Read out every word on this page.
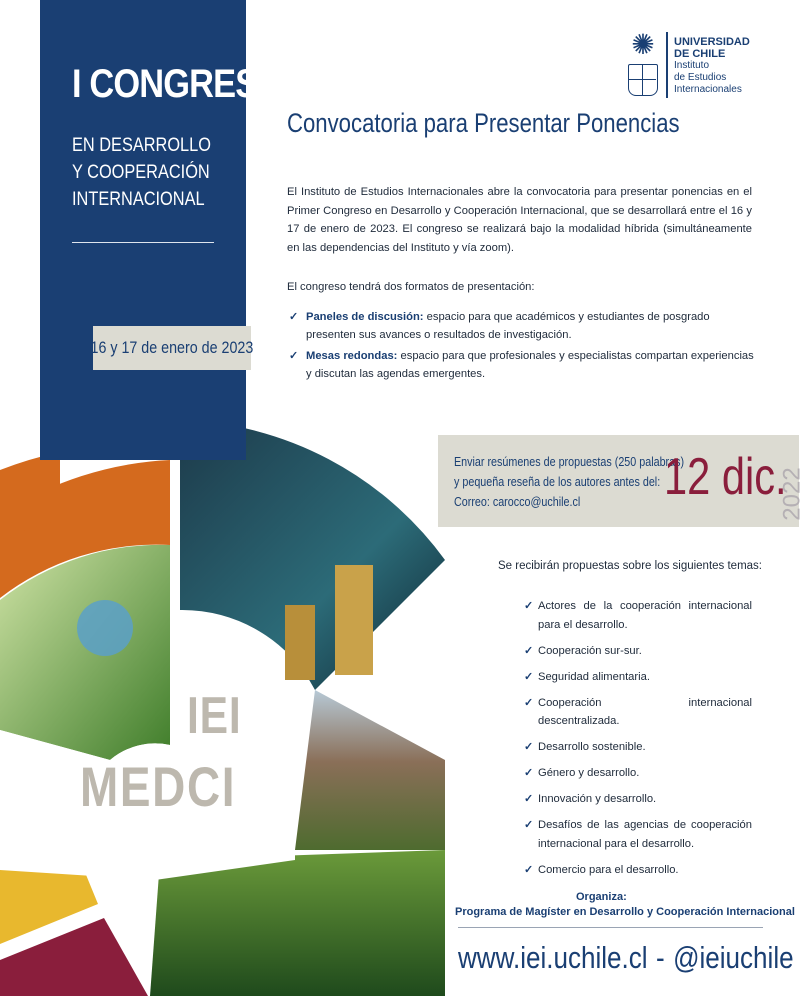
I CONGRESO
EN DESARROLLO
Y COOPERACIÓN
INTERNACIONAL
16 y 17 de enero de 2023
IEI
MEDCI
✺ UNIVERSIDAD
DE CHILE
Instituto
de Estudios
Internacionales
Convocatoria para Presentar Ponencias
El Instituto de Estudios Internacionales abre la convocatoria para presentar ponencias en el Primer Congreso en Desarrollo y Cooperación Internacional, que se desarrollará entre el 16 y 17 de enero de 2023. El congreso se realizará bajo la modalidad híbrida (simultáneamente en las dependencias del Instituto y vía zoom).
El congreso tendrá dos formatos de presentación:
✓ Paneles de discusión: espacio para que académicos y estudiantes de posgrado presenten sus avances o resultados de investigación.
✓ Mesas redondas: espacio para que profesionales y especialistas compartan experiencias y discutan las agendas emergentes.
Enviar resúmenes de propuestas (250 palabras)
y pequeña reseña de los autores antes del:
Correo: carocco@uchile.cl	12 dic.
2022
Se recibirán propuestas sobre los siguientes temas:
✓ Actores de la cooperación internacional para el desarrollo.
✓ Cooperación sur-sur.
✓ Seguridad alimentaria.
✓ Cooperación internacional descentralizada.
✓ Desarrollo sostenible.
✓ Género y desarrollo.
✓ Innovación y desarrollo.
✓ Desafíos de las agencias de cooperación internacional para el desarrollo.
✓ Comercio para el desarrollo.
Organiza:
Programa de Magíster en Desarrollo y Cooperación Internacional
www.iei.uchile.cl - @ieiuchile
